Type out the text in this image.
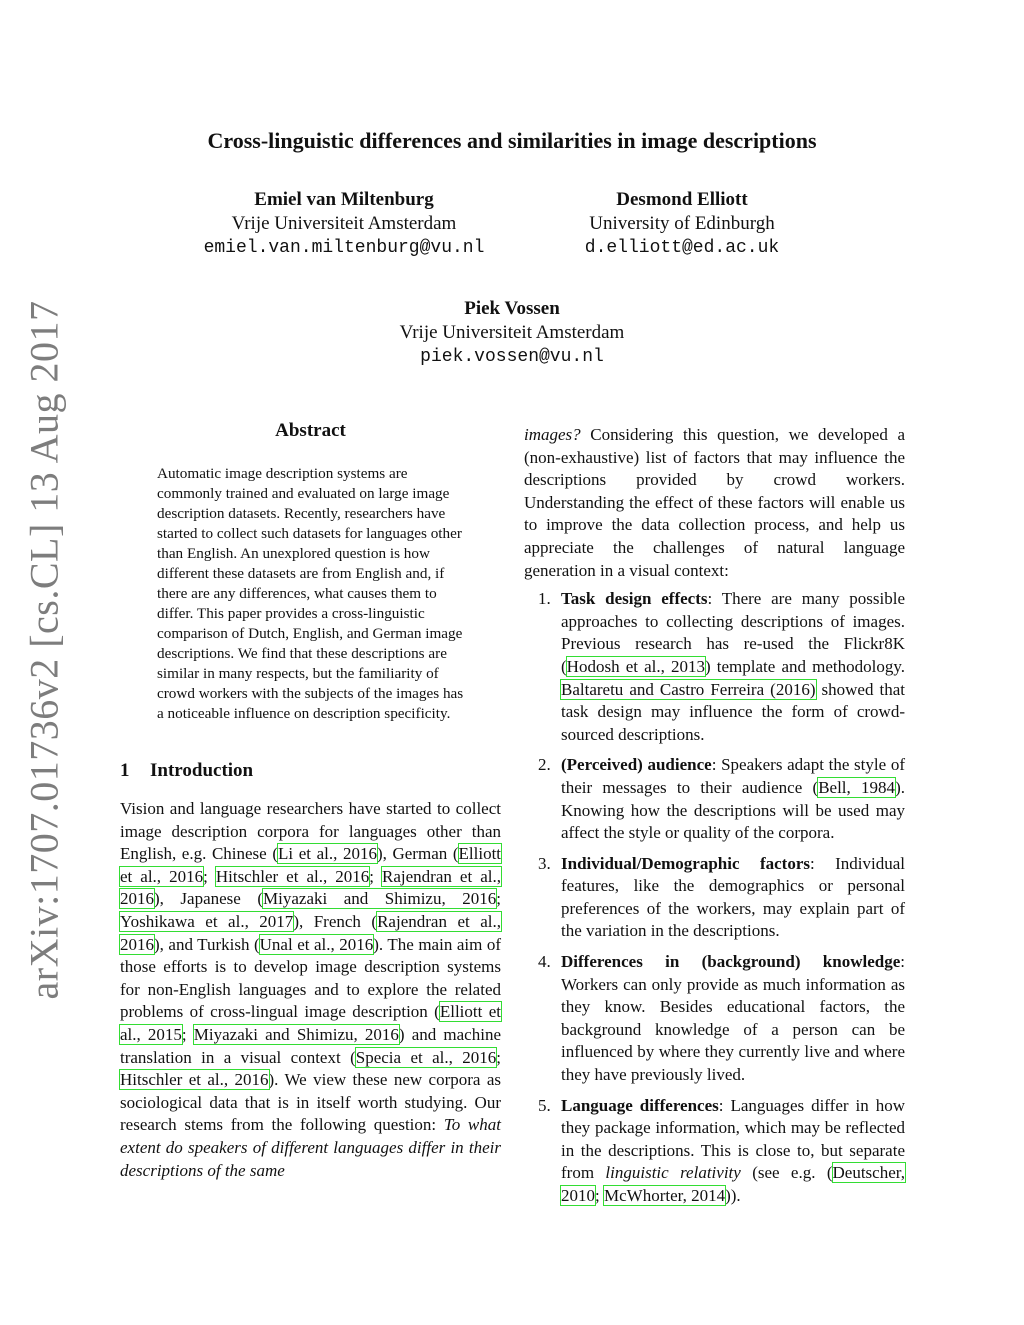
arXiv:1707.01736v2 [cs.CL] 13 Aug 2017
Cross-linguistic differences and similarities in image descriptions
Emiel van Miltenburg
Vrije Universiteit Amsterdam
emiel.van.miltenburg@vu.nl
Desmond Elliott
University of Edinburgh
d.elliott@ed.ac.uk
Piek Vossen
Vrije Universiteit Amsterdam
piek.vossen@vu.nl
Abstract
Automatic image description systems are commonly trained and evaluated on large image description datasets. Recently, researchers have started to collect such datasets for languages other than English. An unexplored question is how different these datasets are from English and, if there are any differences, what causes them to differ. This paper provides a cross-linguistic comparison of Dutch, English, and German image descriptions. We find that these descriptions are similar in many respects, but the familiarity of crowd workers with the subjects of the images has a noticeable influence on description specificity.
1 Introduction

Vision and language researchers have started to collect image description corpora for languages other than English, e.g. Chinese (Li et al., 2016), German (Elliott et al., 2016; Hitschler et al., 2016; Rajendran et al., 2016), Japanese (Miyazaki and Shimizu, 2016; Yoshikawa et al., 2017), French (Rajendran et al., 2016), and Turkish (Unal et al., 2016). The main aim of those efforts is to develop image description systems for non-English languages and to explore the related problems of cross-lingual image description (Elliott et al., 2015; Miyazaki and Shimizu, 2016) and machine translation in a visual context (Specia et al., 2016; Hitschler et al., 2016). We view these new corpora as sociological data that is in itself worth studying. Our research stems from the following question: To what extent do speakers of different languages differ in their descriptions of the same

images? Considering this question, we developed a (non-exhaustive) list of factors that may influence the descriptions provided by crowd workers. Understanding the effect of these factors will enable us to improve the data collection process, and help us appreciate the challenges of natural language generation in a visual context:

1. Task design effects: There are many possible approaches to collecting descriptions of images. Previous research has re-used the Flickr8K (Hodosh et al., 2013) template and methodology. Baltaretu and Castro Ferreira (2016) showed that task design may influence the form of crowd-sourced descriptions.
2. (Perceived) audience: Speakers adapt the style of their messages to their audience (Bell, 1984). Knowing how the descriptions will be used may affect the style or quality of the corpora.
3. Individual/Demographic factors: Individual features, like the demographics or personal preferences of the workers, may explain part of the variation in the descriptions.
4. Differences in (background) knowledge: Workers can only provide as much information as they know. Besides educational factors, the background knowledge of a person can be influenced by where they currently live and where they have previously lived.
5. Language differences: Languages differ in how they package information, which may be reflected in the descriptions. This is close to, but separate from linguistic relativity (see e.g. (Deutscher, 2010; McWhorter, 2014)).
